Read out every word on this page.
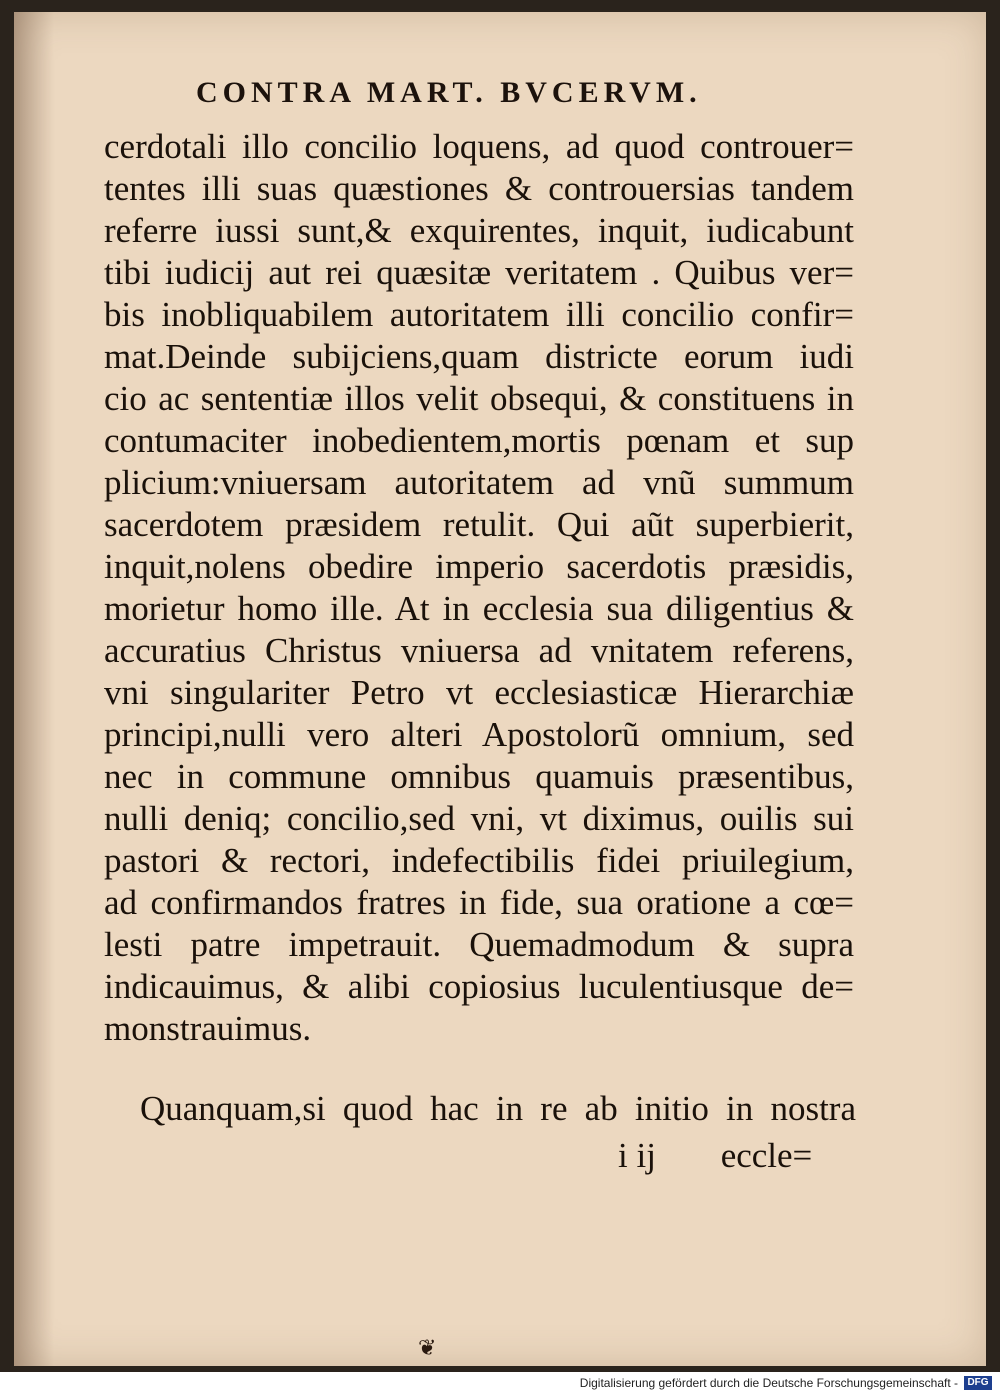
CONTRA MART. BVCERVM.
cerdotali illo concilio loquens, ad quod controuer=
tentes illi suas quæstiones & controuersias tandem
referre iussi sunt,& exquirentes, inquit, iudicabunt
tibi iudicij aut rei quæsitæ veritatem . Quibus ver=
bis inobliquabilem autoritatem illi concilio confir=
mat.Deinde subijciens,quam districte eorum iudi
cio ac sententiæ illos velit obsequi, & constituens in
contumaciter inobedientem,mortis pœnam et sup
plicium:vniuersam autoritatem ad vnũ summum
sacerdotem præsidem retulit. Qui aũt superbierit,
inquit,nolens obedire imperio sacerdotis præsidis,
morietur homo ille. At in ecclesia sua diligentius &
accuratius Christus vniuersa ad vnitatem referens,
vni singulariter Petro vt ecclesiasticæ Hierarchiæ
principi,nulli vero alteri Apostolorũ omnium, sed
nec in commune omnibus quamuis præsentibus,
nulli deniq; concilio,sed vni, vt diximus, ouilis sui
pastori & rectori, indefectibilis fidei priuilegium,
ad confirmandos fratres in fide, sua oratione a cœ=
lesti patre impetrauit. Quemadmodum & supra
indicauimus, & alibi copiosius luculentiusque de=
monstrauimus.
Quanquam,si quod hac in re ab initio in nostra
i ij eccle=
❦
Digitalisierung gefördert durch die Deutsche Forschungsgemeinschaft - DFG
